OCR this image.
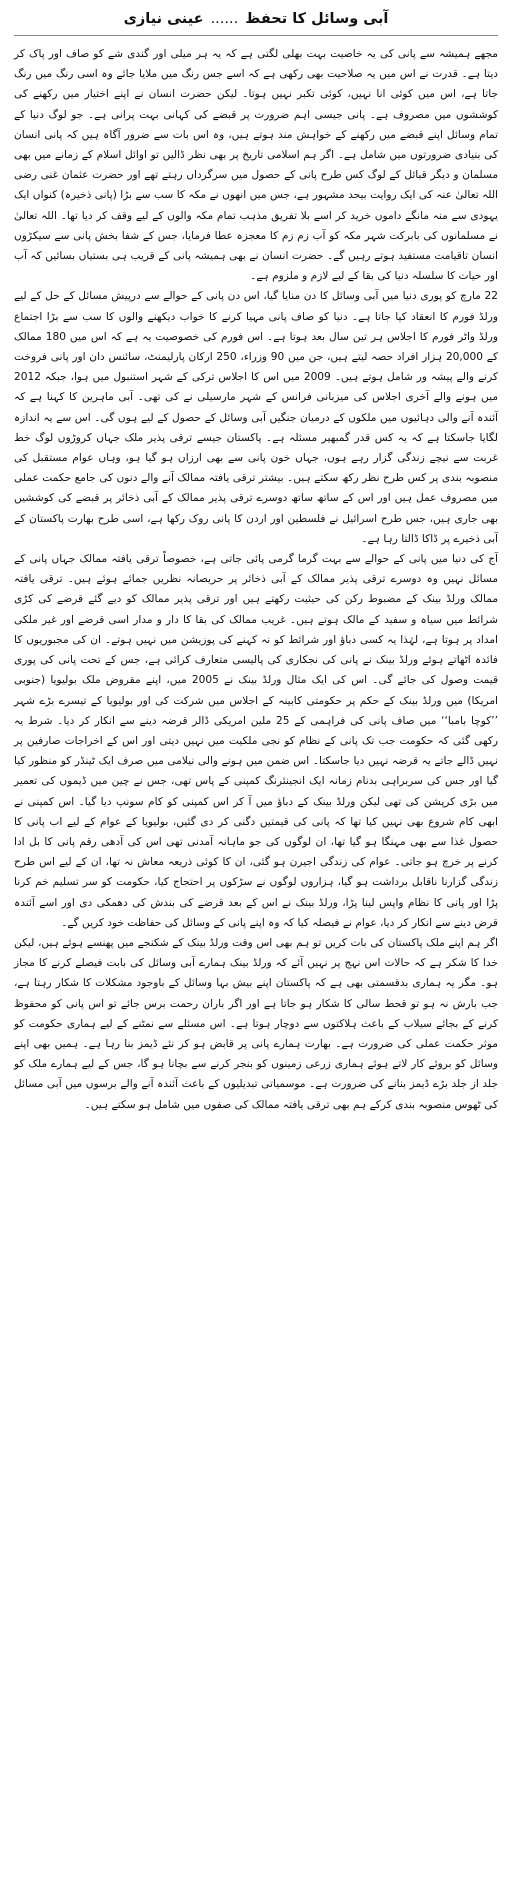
آبی وسائل کا تحفظ ...... عینی نیازی

مجھے ہمیشہ سے پانی کی یہ خاصیت بہت بھلی لگتی ہے کہ یہ ہر میلی اور گندی شے کو صاف اور پاک کر دیتا ہے۔ قدرت نے اس میں یہ صلاحیت بھی رکھی ہے کہ اسے جس رنگ میں ملایا جائے وہ اسی رنگ میں رنگ جاتا ہے، اس میں کوئی انا نہیں، کوئی تکبر نہیں ہوتا۔ لیکن حضرت انسان نے اپنے اختیار میں رکھنے کی کوششوں میں مصروف ہے۔ پانی جیسی اہم ضرورت پر قبضے کی کہانی بہت پرانی ہے۔ جو لوگ دنیا کے تمام وسائل اپنے قبضے میں رکھنے کے خواہش مند ہوتے ہیں، وہ اس بات سے ضرور آگاہ ہیں کہ پانی انسان کی بنیادی ضرورتوں میں شامل ہے۔ اگر ہم اسلامی تاریخ پر بھی نظر ڈالیں تو اوائل اسلام کے زمانے میں بھی مسلمان و دیگر قبائل کے لوگ کس طرح پانی کے حصول میں سرگرداں رہتے تھے اور حضرت عثمان غنی رضی اللہ تعالیٰ عنہ کی ایک روایت بیحد مشہور ہے، جس میں انھوں نے مکہ کا سب سے بڑا (پانی ذخیرہ) کنواں ایک یہودی سے منہ مانگے داموں خرید کر اسے بلا تفریق مذہب تمام مکہ والوں کے لیے وقف کر دیا تھا۔ اللہ تعالیٰ نے مسلمانوں کی بابرکت شہر مکہ کو آب زم زم کا معجزہ عطا فرمایا، جس کے شفا بخش پانی سے سیکڑوں انسان تاقیامت مستفید ہوتے رہیں گے۔ حضرت انسان نے بھی ہمیشہ پانی کے قریب ہی بستیاں بسائیں کہ آب اور حیات کا سلسلہ دنیا کی بقا کے لیے لازم و ملزوم ہے۔

22 مارچ کو پوری دنیا میں آبی وسائل کا دن منایا گیا، اس دن پانی کے حوالے سے درپیش مسائل کے حل کے لیے ورلڈ فورم کا انعقاد کیا جاتا ہے۔ دنیا کو صاف پانی مہیا کرنے کا خواب دیکھنے والوں کا سب سے بڑا اجتماع ورلڈ واٹر فورم کا اجلاس ہر تین سال بعد ہوتا ہے۔ اس فورم کی خصوصیت یہ ہے کہ اس میں 180 ممالک کے 20,000 ہزار افراد حصہ لیتے ہیں، جن میں 90 وزراء، 250 ارکان پارلیمنٹ، سائنس دان اور پانی فروخت کرنے والے پیشہ ور شامل ہوتے ہیں۔ 2009 میں اس کا اجلاس ترکی کے شہر استنبول میں ہوا، جبکہ 2012 میں ہونے والے آخری اجلاس کی میزبانی فرانس کے شہر مارسیلی نے کی تھی۔ آبی ماہرین کا کہنا ہے کہ آئندہ آنے والی دہائیوں میں ملکوں کے درمیان جنگیں آبی وسائل کے حصول کے لیے ہوں گی۔ اس سے یہ اندازہ لگایا جاسکتا ہے کہ یہ کس قدر گمبھیر مسئلہ ہے۔ پاکستان جیسے ترقی پذیر ملک جہاں کروڑوں لوگ خط غربت سے نیچے زندگی گزار رہے ہوں، جہاں خون پانی سے بھی ارزاں ہو گیا ہو، وہاں عوام مستقبل کی منصوبہ بندی پر کس طرح نظر رکھ سکتے ہیں۔ بیشتر ترقی یافتہ ممالک آنے والے دنوں کی جامع حکمت عملی میں مصروف عمل ہیں اور اس کے ساتھ ساتھ دوسرے ترقی پذیر ممالک کے آبی ذخائر پر قبضے کی کوششیں بھی جاری ہیں، جس طرح اسرائیل نے فلسطین اور اردن کا پانی روک رکھا ہے، اسی طرح بھارت پاکستان کے آبی ذخیرے پر ڈاکا ڈالتا رہا ہے۔

آج کی دنیا میں پانی کے حوالے سے بہت گرما گرمی پائی جاتی ہے، خصوصاً ترقی یافتہ ممالک جہاں پانی کے مسائل نہیں وہ دوسرے ترقی پذیر ممالک کے آبی ذخائر پر حریصانہ نظریں جمائے ہوئے ہیں۔ ترقی یافتہ ممالک ورلڈ بینک کے مضبوط رکن کی حیثیت رکھتے ہیں اور ترقی پذیر ممالک کو دیے گئے قرضے کی کڑی شرائط میں سیاہ و سفید کے مالک ہوتے ہیں۔ غریب ممالک کی بقا کا دار و مدار اسی قرضے اور غیر ملکی امداد پر ہوتا ہے، لہٰذا یہ کسی دباؤ اور شرائط کو نہ کہنے کی پوزیشن میں نہیں ہوتے۔ ان کی مجبوریوں کا فائدہ اٹھاتے ہوئے ورلڈ بینک نے پانی کی نجکاری کی پالیسی متعارف کرائی ہے، جس کے تحت پانی کی پوری قیمت وصول کی جائے گی۔ اس کی ایک مثال ورلڈ بینک نے 2005 میں، اپنے مقروض ملک بولیویا (جنوبی امریکا) میں ورلڈ بینک کے حکم پر حکومتی کابینہ کے اجلاس میں شرکت کی اور بولیویا کے تیسرے بڑے شہر ’’کوچا بامبا‘‘ میں صاف پانی کی فراہمی کے 25 ملین امریکی ڈالر قرضہ دینے سے انکار کر دیا۔ شرط یہ رکھی گئی کہ حکومت جب تک پانی کے نظام کو نجی ملکیت میں نہیں دیتی اور اس کے اخراجات صارفین پر نہیں ڈالے جاتے یہ قرضہ نہیں دیا جاسکتا۔ اس ضمن میں ہونے والی نیلامی میں صرف ایک ٹینڈر کو منظور کیا گیا اور جس کی سربراہی بدنام زمانہ ایک انجینئرنگ کمپنی کے پاس تھی، جس نے چین میں ڈیموں کی تعمیر میں بڑی کرپشن کی تھی لیکن ورلڈ بینک کے دباؤ میں آ کر اس کمپنی کو کام سونپ دیا گیا۔ اس کمپنی نے ابھی کام شروع بھی نہیں کیا تھا کہ پانی کی قیمتیں دگنی کر دی گئیں، بولیویا کے عوام کے لیے اب پانی کا حصول غذا سے بھی مہنگا ہو گیا تھا، ان لوگوں کی جو ماہانہ آمدنی تھی اس کی آدھی رقم پانی کا بل ادا کرنے پر خرچ ہو جاتی۔ عوام کی زندگی اجیرن ہو گئی، ان کا کوئی ذریعہ معاش نہ تھا، ان کے لیے اس طرح زندگی گزارنا ناقابل برداشت ہو گیا، ہزاروں لوگوں نے سڑکوں پر احتجاج کیا، حکومت کو سر تسلیم خم کرنا پڑا اور پانی کا نظام واپس لینا پڑا، ورلڈ بینک نے اس کے بعد قرضے کی بندش کی دھمکی دی اور اسے آئندہ قرض دینے سے انکار کر دیا، عوام نے فیصلہ کیا کہ وہ اپنے پانی کے وسائل کی حفاظت خود کریں گے۔

اگر ہم اپنے ملک پاکستان کی بات کریں تو ہم بھی اس وقت ورلڈ بینک کے شکنجے میں پھنسے ہوئے ہیں، لیکن خدا کا شکر ہے کہ حالات اس نہج پر نہیں آئے کہ ورلڈ بینک ہمارے آبی وسائل کی بابت فیصلے کرنے کا مجاز ہو۔ مگر یہ ہماری بدقسمتی بھی ہے کہ پاکستان اپنے بیش بہا وسائل کے باوجود مشکلات کا شکار رہتا ہے، جب بارش نہ ہو تو قحط سالی کا شکار ہو جاتا ہے اور اگر باران رحمت برس جائے تو اس پانی کو محفوظ کرنے کے بجائے سیلاب کے باعث ہلاکتوں سے دوچار ہوتا ہے۔ اس مسئلے سے نمٹنے کے لیے ہماری حکومت کو موثر حکمت عملی کی ضرورت ہے۔ بھارت ہمارے پانی پر قابض ہو کر نئے ڈیمز بنا رہا ہے۔ ہمیں بھی اپنے وسائل کو بروئے کار لاتے ہوئے ہماری زرعی زمینوں کو بنجر کرنے سے بچانا ہو گا، جس کے لیے ہمارے ملک کو جلد از جلد بڑے ڈیمز بنانے کی ضرورت ہے۔ موسمیاتی تبدیلیوں کے باعث آئندہ آنے والے برسوں میں آبی مسائل کی ٹھوس منصوبہ بندی کرکے ہم بھی ترقی یافتہ ممالک کی صفوں میں شامل ہو سکتے ہیں۔
